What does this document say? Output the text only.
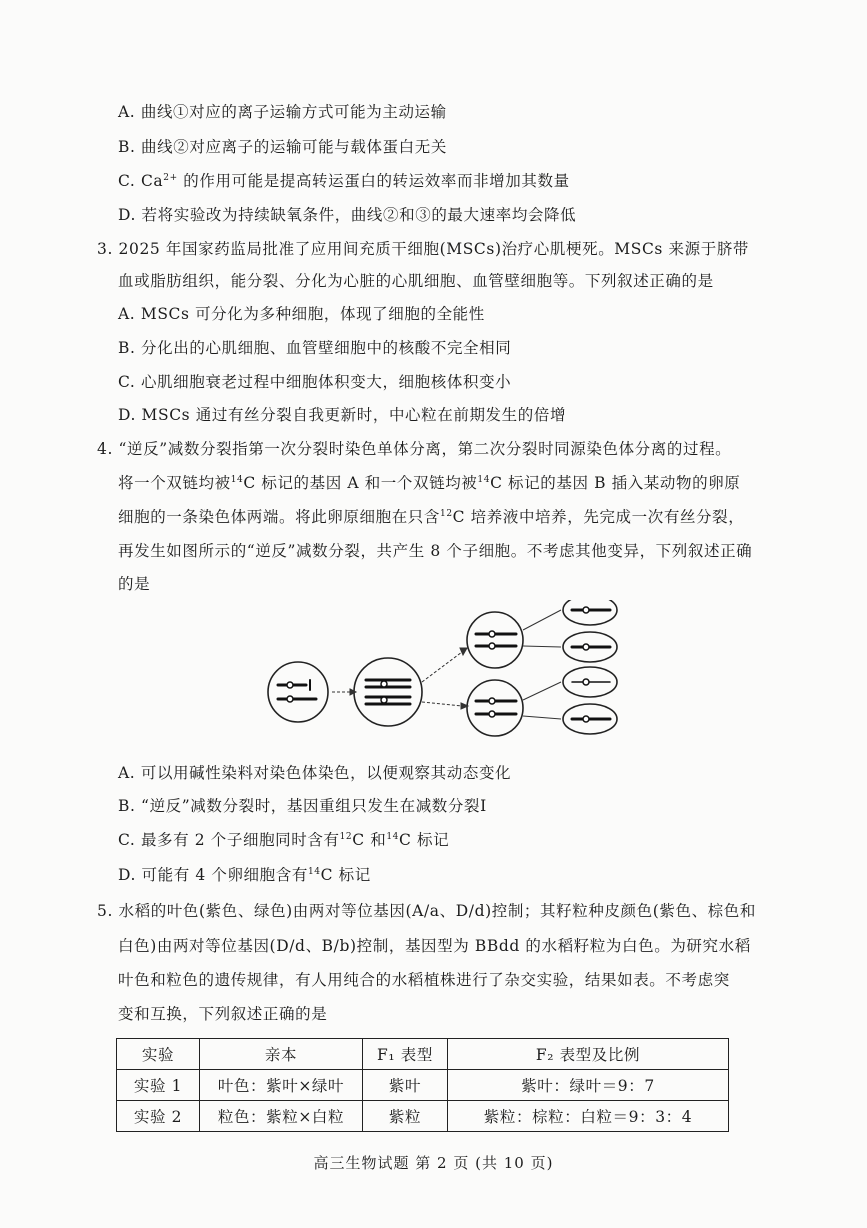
A. 曲线①对应的离子运输方式可能为主动运输
B. 曲线②对应离子的运输可能与载体蛋白无关
C. $Ca^{2+}$ 的作用可能是提高转运蛋白的转运效率而非增加其数量
D. 若将实验改为持续缺氧条件，曲线②和③的最大速率均会降低
3. 2025 年国家药监局批准了应用间充质干细胞(MSCs)治疗心肌梗死。MSCs 来源于脐带
血或脂肪组织，能分裂、分化为心脏的心肌细胞、血管壁细胞等。下列叙述正确的是
A. MSCs 可分化为多种细胞，体现了细胞的全能性
B. 分化出的心肌细胞、血管壁细胞中的核酸不完全相同
C. 心肌细胞衰老过程中细胞体积变大，细胞核体积变小
D. MSCs 通过有丝分裂自我更新时，中心粒在前期发生的倍增
4. “逆反”减数分裂指第一次分裂时染色单体分离，第二次分裂时同源染色体分离的过程。
将一个双链均被$^{14}$C 标记的基因 A 和一个双链均被$^{14}$C 标记的基因 B 插入某动物的卵原
细胞的一条染色体两端。将此卵原细胞在只含$^{12}$C 培养液中培养，先完成一次有丝分裂，
再发生如图所示的“逆反”减数分裂，共产生 8 个子细胞。不考虑其他变异，下列叙述正确
的是
A. 可以用碱性染料对染色体染色，以便观察其动态变化
B. “逆反”减数分裂时，基因重组只发生在减数分裂Ⅰ
C. 最多有 2 个子细胞同时含有$^{12}$C 和$^{14}$C 标记
D. 可能有 4 个卵细胞含有$^{14}$C 标记
5. 水稻的叶色(紫色、绿色)由两对等位基因(A/a、D/d)控制；其籽粒种皮颜色(紫色、棕色和
白色)由两对等位基因(D/d、B/b)控制，基因型为 BBdd 的水稻籽粒为白色。为研究水稻
叶色和粒色的遗传规律，有人用纯合的水稻植株进行了杂交实验，结果如表。不考虑突
变和互换，下列叙述正确的是
实验	亲本	F₁ 表型	F₂ 表型及比例
实验 1	叶色：紫叶×绿叶	紫叶	紫叶：绿叶＝9：7
实验 2	粒色：紫粒×白粒	紫粒	紫粒：棕粒：白粒＝9：3：4
高三生物试题 第 2 页 (共 10 页)
